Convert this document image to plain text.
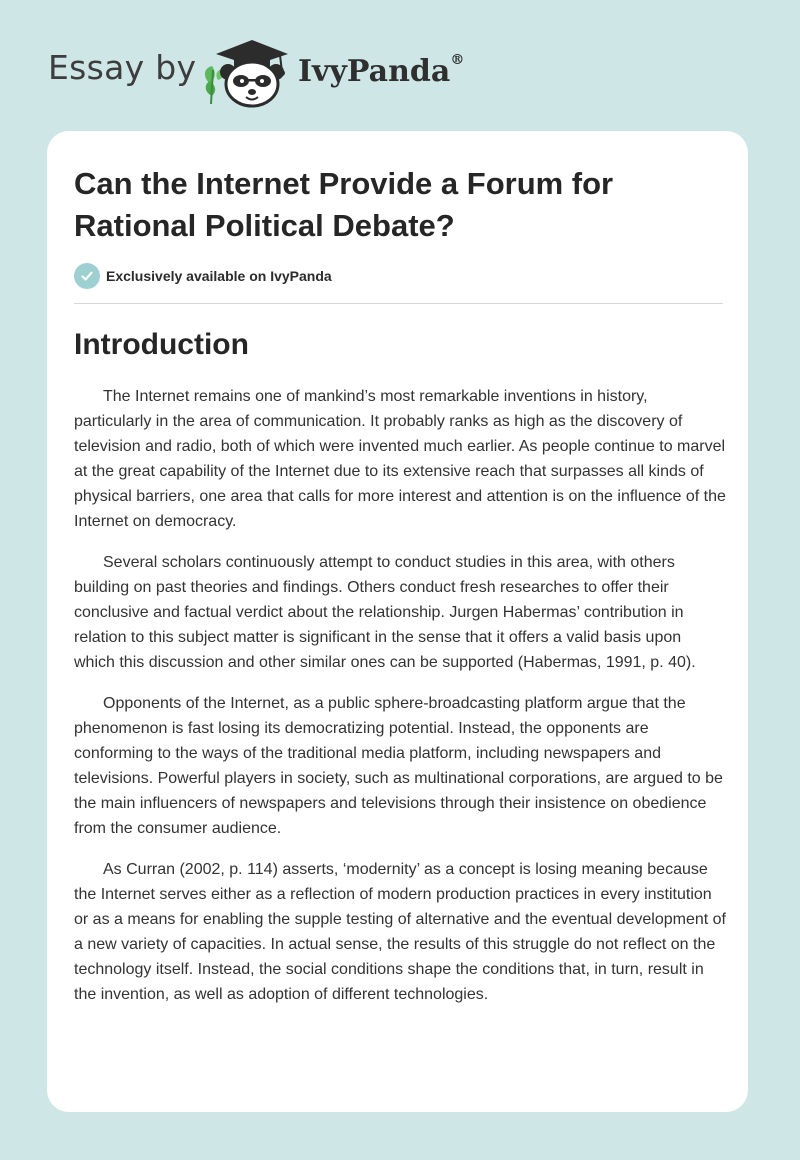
Essay by	IvyPanda®
Can the Internet Provide a Forum for Rational Political Debate?
Exclusively available on IvyPanda
Introduction

The Internet remains one of mankind’s most remarkable inventions in history, particularly in the area of communication. It probably ranks as high as the discovery of television and radio, both of which were invented much earlier. As people continue to marvel at the great capability of the Internet due to its extensive reach that surpasses all kinds of physical barriers, one area that calls for more interest and attention is on the influence of the Internet on democracy.

Several scholars continuously attempt to conduct studies in this area, with others building on past theories and findings. Others conduct fresh researches to offer their conclusive and factual verdict about the relationship. Jurgen Habermas’ contribution in relation to this subject matter is significant in the sense that it offers a valid basis upon which this discussion and other similar ones can be supported (Habermas, 1991, p. 40).

Opponents of the Internet, as a public sphere-broadcasting platform argue that the phenomenon is fast losing its democratizing potential. Instead, the opponents are conforming to the ways of the traditional media platform, including newspapers and televisions. Powerful players in society, such as multinational corporations, are argued to be the main influencers of newspapers and televisions through their insistence on obedience from the consumer audience.

As Curran (2002, p. 114) asserts, ‘modernity’ as a concept is losing meaning because the Internet serves either as a reflection of modern production practices in every institution or as a means for enabling the supple testing of alternative and the eventual development of a new variety of capacities. In actual sense, the results of this struggle do not reflect on the technology itself. Instead, the social conditions shape the conditions that, in turn, result in the invention, as well as adoption of different technologies.
